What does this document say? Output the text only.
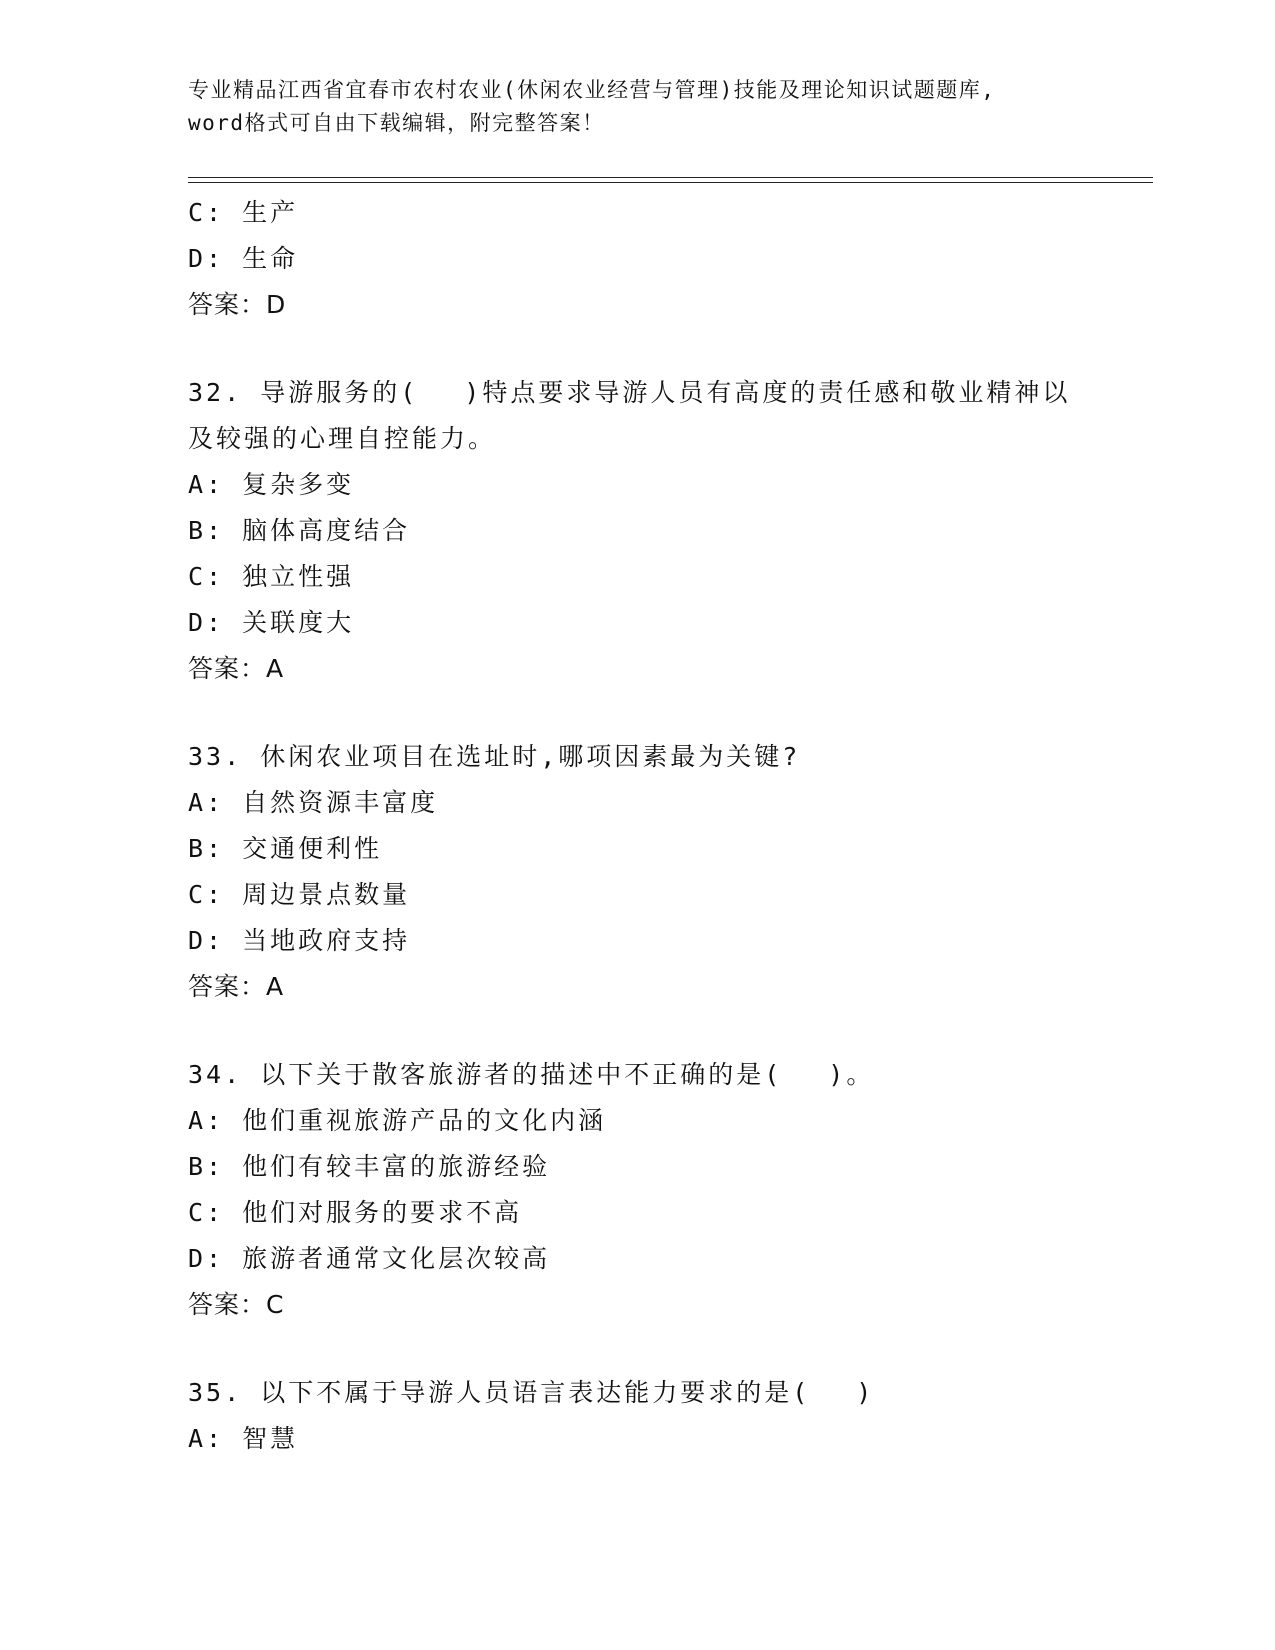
专业精品江西省宜春市农村农业(休闲农业经营与管理)技能及理论知识试题题库,
word格式可自由下载编辑，附完整答案！
C: 生产
D: 生命
答案：D
32. 导游服务的(　 )特点要求导游人员有高度的责任感和敬业精神以
及较强的心理自控能力。
A: 复杂多变
B: 脑体高度结合
C: 独立性强
D: 关联度大
答案：A
33. 休闲农业项目在选址时,哪项因素最为关键?
A: 自然资源丰富度
B: 交通便利性
C: 周边景点数量
D: 当地政府支持
答案：A
34. 以下关于散客旅游者的描述中不正确的是(　 )。
A: 他们重视旅游产品的文化内涵
B: 他们有较丰富的旅游经验
C: 他们对服务的要求不高
D: 旅游者通常文化层次较高
答案：C
35. 以下不属于导游人员语言表达能力要求的是(　 )
A: 智慧
